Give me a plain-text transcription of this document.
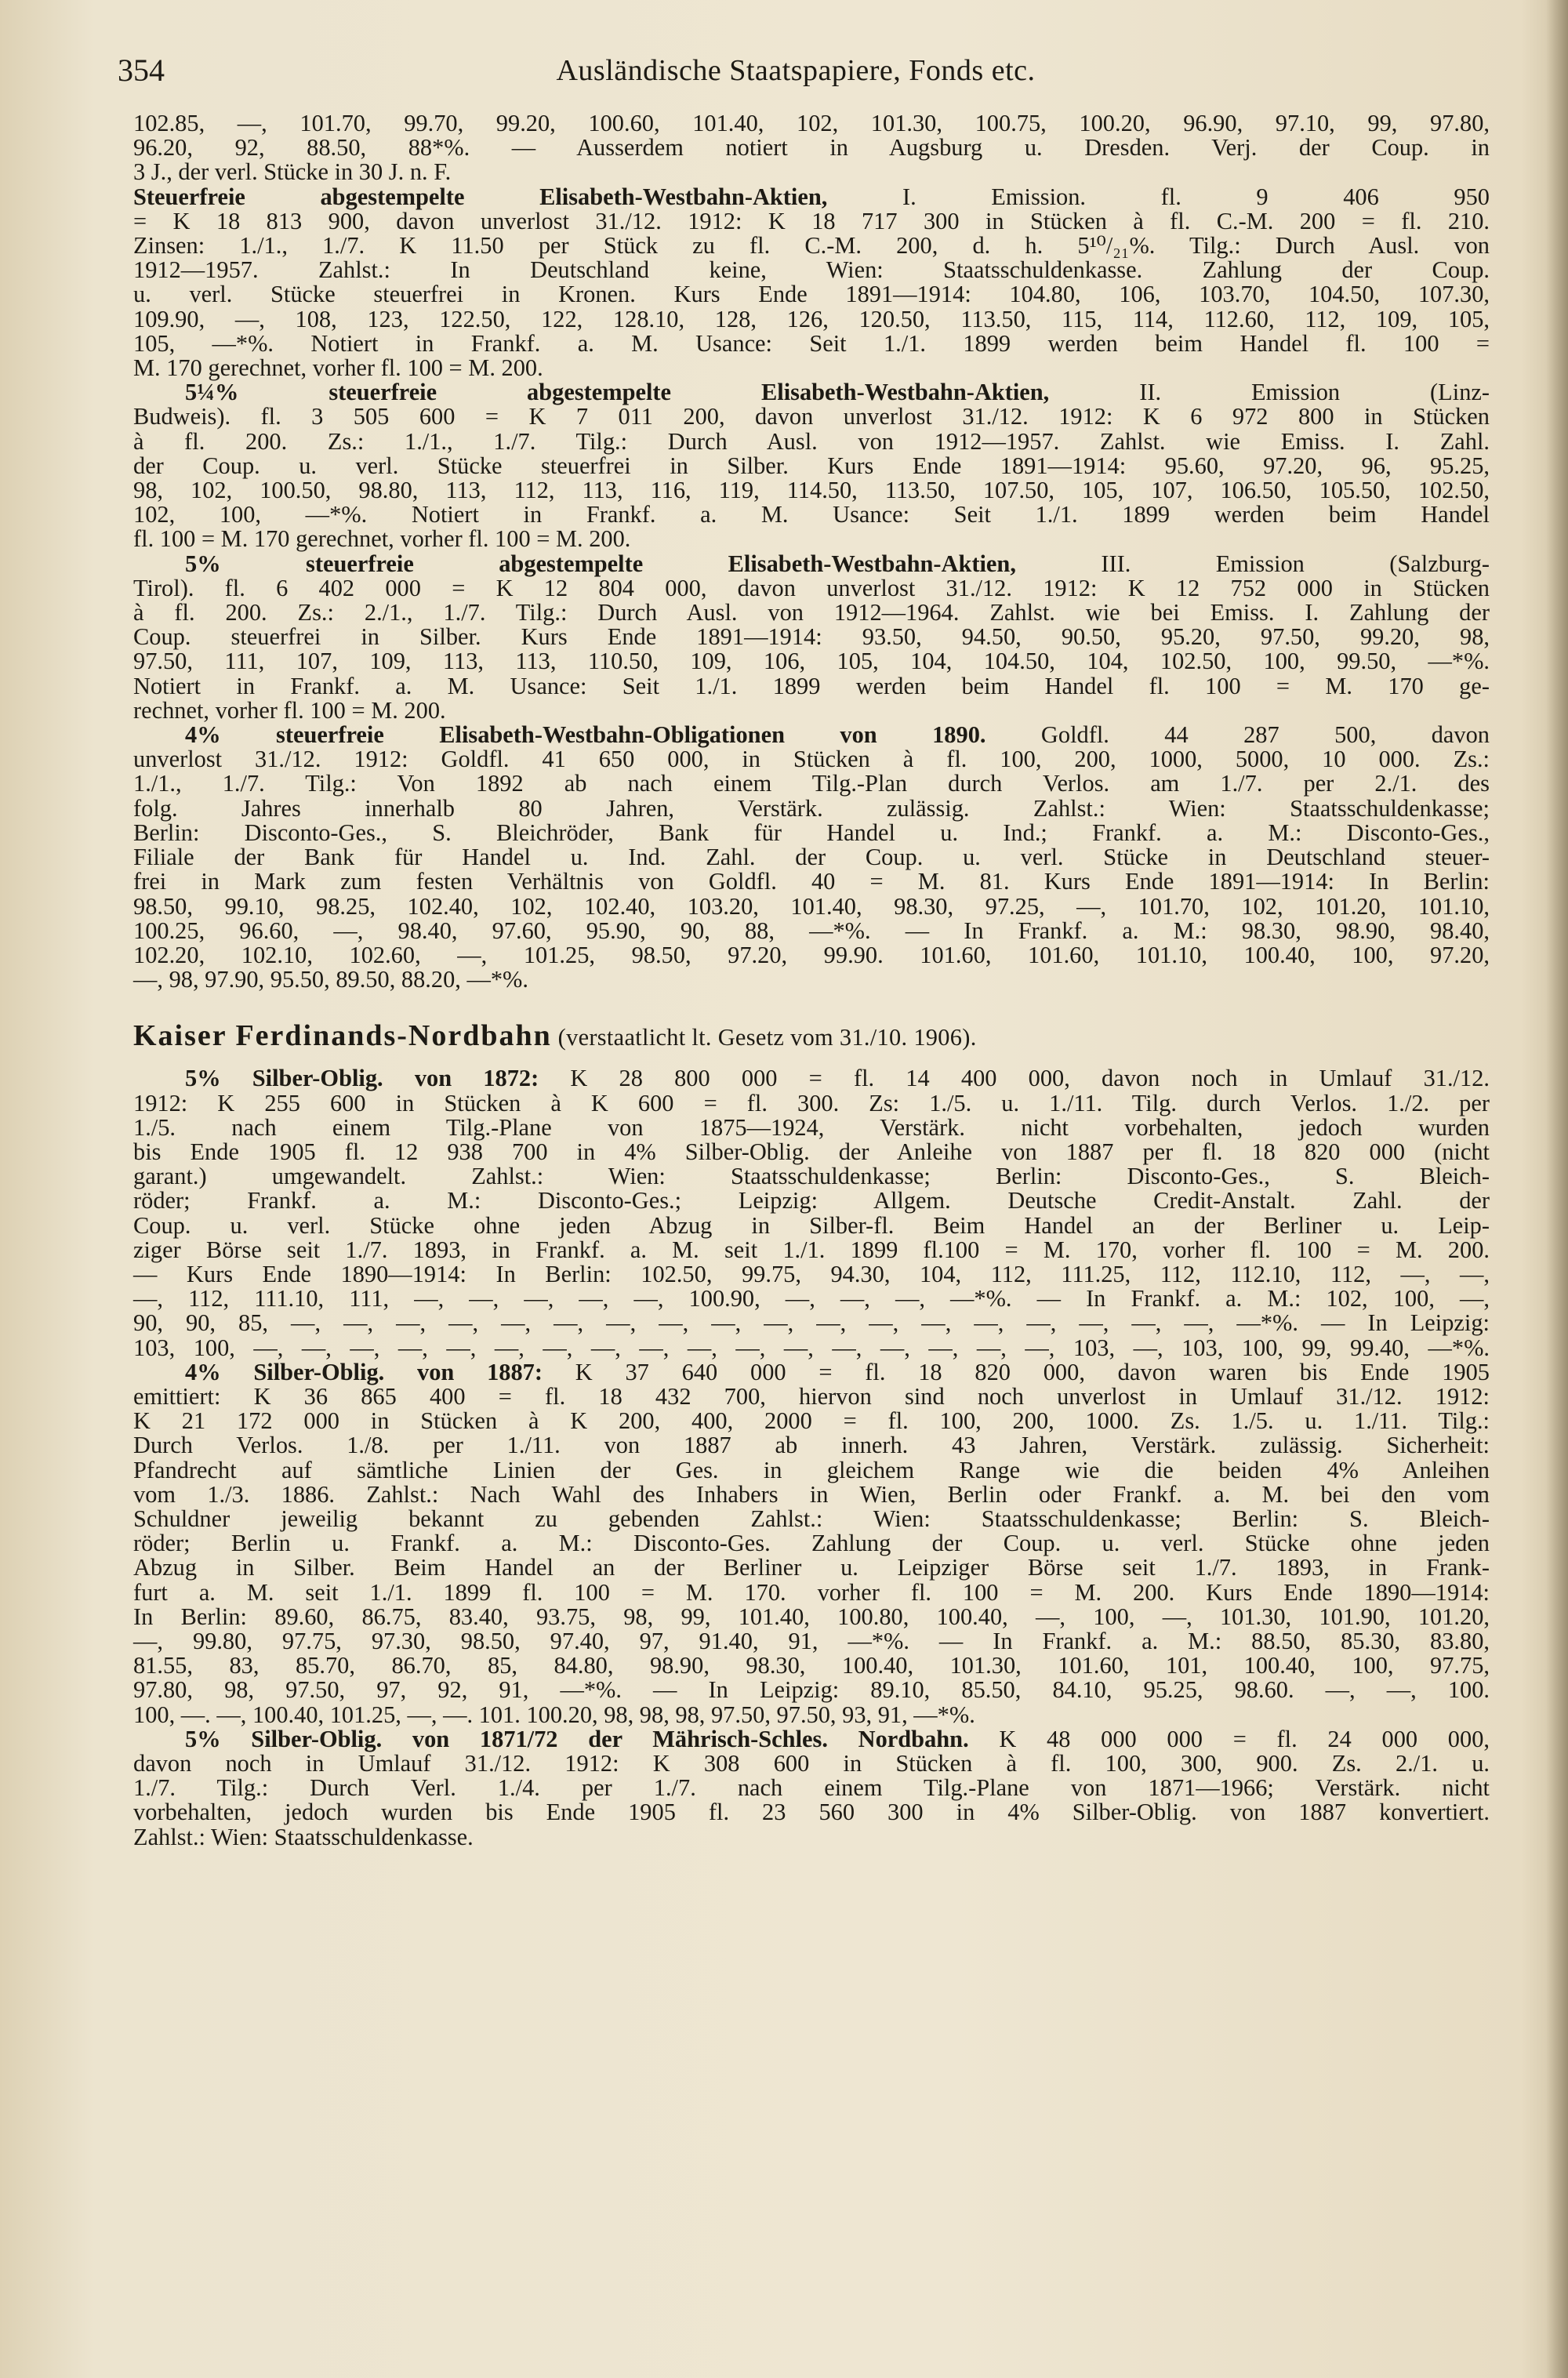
354	Ausländische Staatspapiere, Fonds etc.

102.85, —, 101.70, 99.70, 99.20, 100.60, 101.40, 102, 101.30, 100.75, 100.20, 96.90, 97.10, 99, 97.80,

96.20, 92, 88.50, 88*%. — Ausserdem notiert in Augsburg u. Dresden. Verj. der Coup. in

3 J., der verl. Stücke in 30 J. n. F.

Steuerfreie abgestempelte Elisabeth-Westbahn-Aktien, I. Emission. fl. 9 406 950

= K 18 813 900, davon unverlost 31./12. 1912: K 18 717 300 in Stücken à fl. C.-M. 200 = fl. 210.

Zinsen: 1./1., 1./7. K 11.50 per Stück zu fl. C.-M. 200, d. h. 5¹⁰/₂₁%. Tilg.: Durch Ausl. von

1912—1957. Zahlst.: In Deutschland keine, Wien: Staatsschuldenkasse. Zahlung der Coup.

u. verl. Stücke steuerfrei in Kronen. Kurs Ende 1891—1914: 104.80, 106, 103.70, 104.50, 107.30,

109.90, —, 108, 123, 122.50, 122, 128.10, 128, 126, 120.50, 113.50, 115, 114, 112.60, 112, 109, 105,

105, —*%. Notiert in Frankf. a. M. Usance: Seit 1./1. 1899 werden beim Handel fl. 100 =

M. 170 gerechnet, vorher fl. 100 = M. 200.

5¼% steuerfreie abgestempelte Elisabeth-Westbahn-Aktien, II. Emission (Linz-

Budweis). fl. 3 505 600 = K 7 011 200, davon unverlost 31./12. 1912: K 6 972 800 in Stücken

à fl. 200. Zs.: 1./1., 1./7. Tilg.: Durch Ausl. von 1912—1957. Zahlst. wie Emiss. I. Zahl.

der Coup. u. verl. Stücke steuerfrei in Silber. Kurs Ende 1891—1914: 95.60, 97.20, 96, 95.25,

98, 102, 100.50, 98.80, 113, 112, 113, 116, 119, 114.50, 113.50, 107.50, 105, 107, 106.50, 105.50, 102.50,

102, 100, —*%. Notiert in Frankf. a. M. Usance: Seit 1./1. 1899 werden beim Handel

fl. 100 = M. 170 gerechnet, vorher fl. 100 = M. 200.

5% steuerfreie abgestempelte Elisabeth-Westbahn-Aktien, III. Emission (Salzburg-

Tirol). fl. 6 402 000 = K 12 804 000, davon unverlost 31./12. 1912: K 12 752 000 in Stücken

à fl. 200. Zs.: 2./1., 1./7. Tilg.: Durch Ausl. von 1912—1964. Zahlst. wie bei Emiss. I. Zahlung der

Coup. steuerfrei in Silber. Kurs Ende 1891—1914: 93.50, 94.50, 90.50, 95.20, 97.50, 99.20, 98,

97.50, 111, 107, 109, 113, 113, 110.50, 109, 106, 105, 104, 104.50, 104, 102.50, 100, 99.50, —*%.

Notiert in Frankf. a. M. Usance: Seit 1./1. 1899 werden beim Handel fl. 100 = M. 170 ge-

rechnet, vorher fl. 100 = M. 200.

4% steuerfreie Elisabeth-Westbahn-Obligationen von 1890. Goldfl. 44 287 500, davon

unverlost 31./12. 1912: Goldfl. 41 650 000, in Stücken à fl. 100, 200, 1000, 5000, 10 000. Zs.:

1./1., 1./7. Tilg.: Von 1892 ab nach einem Tilg.-Plan durch Verlos. am 1./7. per 2./1. des

folg. Jahres innerhalb 80 Jahren, Verstärk. zulässig. Zahlst.: Wien: Staatsschuldenkasse;

Berlin: Disconto-Ges., S. Bleichröder, Bank für Handel u. Ind.; Frankf. a. M.: Disconto-Ges.,

Filiale der Bank für Handel u. Ind. Zahl. der Coup. u. verl. Stücke in Deutschland steuer-

frei in Mark zum festen Verhältnis von Goldfl. 40 = M. 81. Kurs Ende 1891—1914: In Berlin:

98.50, 99.10, 98.25, 102.40, 102, 102.40, 103.20, 101.40, 98.30, 97.25, —, 101.70, 102, 101.20, 101.10,

100.25, 96.60, —, 98.40, 97.60, 95.90, 90, 88, —*%. — In Frankf. a. M.: 98.30, 98.90, 98.40,

102.20, 102.10, 102.60, —, 101.25, 98.50, 97.20, 99.90. 101.60, 101.60, 101.10, 100.40, 100, 97.20,

—, 98, 97.90, 95.50, 89.50, 88.20, —*%.

Kaiser Ferdinands-Nordbahn (verstaatlicht lt. Gesetz vom 31./10. 1906).

5% Silber-Oblig. von 1872: K 28 800 000 = fl. 14 400 000, davon noch in Umlauf 31./12.

1912: K 255 600 in Stücken à K 600 = fl. 300. Zs: 1./5. u. 1./11. Tilg. durch Verlos. 1./2. per

1./5. nach einem Tilg.-Plane von 1875—1924, Verstärk. nicht vorbehalten, jedoch wurden

bis Ende 1905 fl. 12 938 700 in 4% Silber-Oblig. der Anleihe von 1887 per fl. 18 820 000 (nicht

garant.) umgewandelt. Zahlst.: Wien: Staatsschuldenkasse; Berlin: Disconto-Ges., S. Bleich-

röder; Frankf. a. M.: Disconto-Ges.; Leipzig: Allgem. Deutsche Credit-Anstalt. Zahl. der

Coup. u. verl. Stücke ohne jeden Abzug in Silber-fl. Beim Handel an der Berliner u. Leip-

ziger Börse seit 1./7. 1893, in Frankf. a. M. seit 1./1. 1899 fl.100 = M. 170, vorher fl. 100 = M. 200.

— Kurs Ende 1890—1914: In Berlin: 102.50, 99.75, 94.30, 104, 112, 111.25, 112, 112.10, 112, —, —,

—, 112, 111.10, 111, —, —, —, —, —, 100.90, —, —, —, —*%. — In Frankf. a. M.: 102, 100, —,

90, 90, 85, —, —, —, —, —, —, —, —, —, —, —, —, —, —, —, —, —, —, —*%. — In Leipzig:

103, 100, —, —, —, —, —, —, —, —, —, —, —, —, —, —, —, —, —, 103, —, 103, 100, 99, 99.40, —*%.

4% Silber-Oblig. von 1887: K 37 640 000 = fl. 18 820 000, davon waren bis Ende 1905

emittiert: K 36 865 400 = fl. 18 432 700, hiervon sind noch unverlost in Umlauf 31./12. 1912:

K 21 172 000 in Stücken à K 200, 400, 2000 = fl. 100, 200, 1000. Zs. 1./5. u. 1./11. Tilg.:

Durch Verlos. 1./8. per 1./11. von 1887 ab innerh. 43 Jahren, Verstärk. zulässig. Sicherheit:

Pfandrecht auf sämtliche Linien der Ges. in gleichem Range wie die beiden 4% Anleihen

vom 1./3. 1886. Zahlst.: Nach Wahl des Inhabers in Wien, Berlin oder Frankf. a. M. bei den vom

Schuldner jeweilig bekannt zu gebenden Zahlst.: Wien: Staatsschuldenkasse; Berlin: S. Bleich-

röder; Berlin u. Frankf. a. M.: Disconto-Ges. Zahlung der Coup. u. verl. Stücke ohne jeden

Abzug in Silber. Beim Handel an der Berliner u. Leipziger Börse seit 1./7. 1893, in Frank-

furt a. M. seit 1./1. 1899 fl. 100 = M. 170. vorher fl. 100 = M. 200. Kurs Ende 1890—1914:

In Berlin: 89.60, 86.75, 83.40, 93.75, 98, 99, 101.40, 100.80, 100.40, —, 100, —, 101.30, 101.90, 101.20,

—, 99.80, 97.75, 97.30, 98.50, 97.40, 97, 91.40, 91, —*%. — In Frankf. a. M.: 88.50, 85.30, 83.80,

81.55, 83, 85.70, 86.70, 85, 84.80, 98.90, 98.30, 100.40, 101.30, 101.60, 101, 100.40, 100, 97.75,

97.80, 98, 97.50, 97, 92, 91, —*%. — In Leipzig: 89.10, 85.50, 84.10, 95.25, 98.60. —, —, 100.

100, —. —, 100.40, 101.25, —, —. 101. 100.20, 98, 98, 98, 97.50, 97.50, 93, 91, —*%.

5% Silber-Oblig. von 1871/72 der Mährisch-Schles. Nordbahn. K 48 000 000 = fl. 24 000 000,

davon noch in Umlauf 31./12. 1912: K 308 600 in Stücken à fl. 100, 300, 900. Zs. 2./1. u.

1./7. Tilg.: Durch Verl. 1./4. per 1./7. nach einem Tilg.-Plane von 1871—1966; Verstärk. nicht

vorbehalten, jedoch wurden bis Ende 1905 fl. 23 560 300 in 4% Silber-Oblig. von 1887 konvertiert.

Zahlst.: Wien: Staatsschuldenkasse.
